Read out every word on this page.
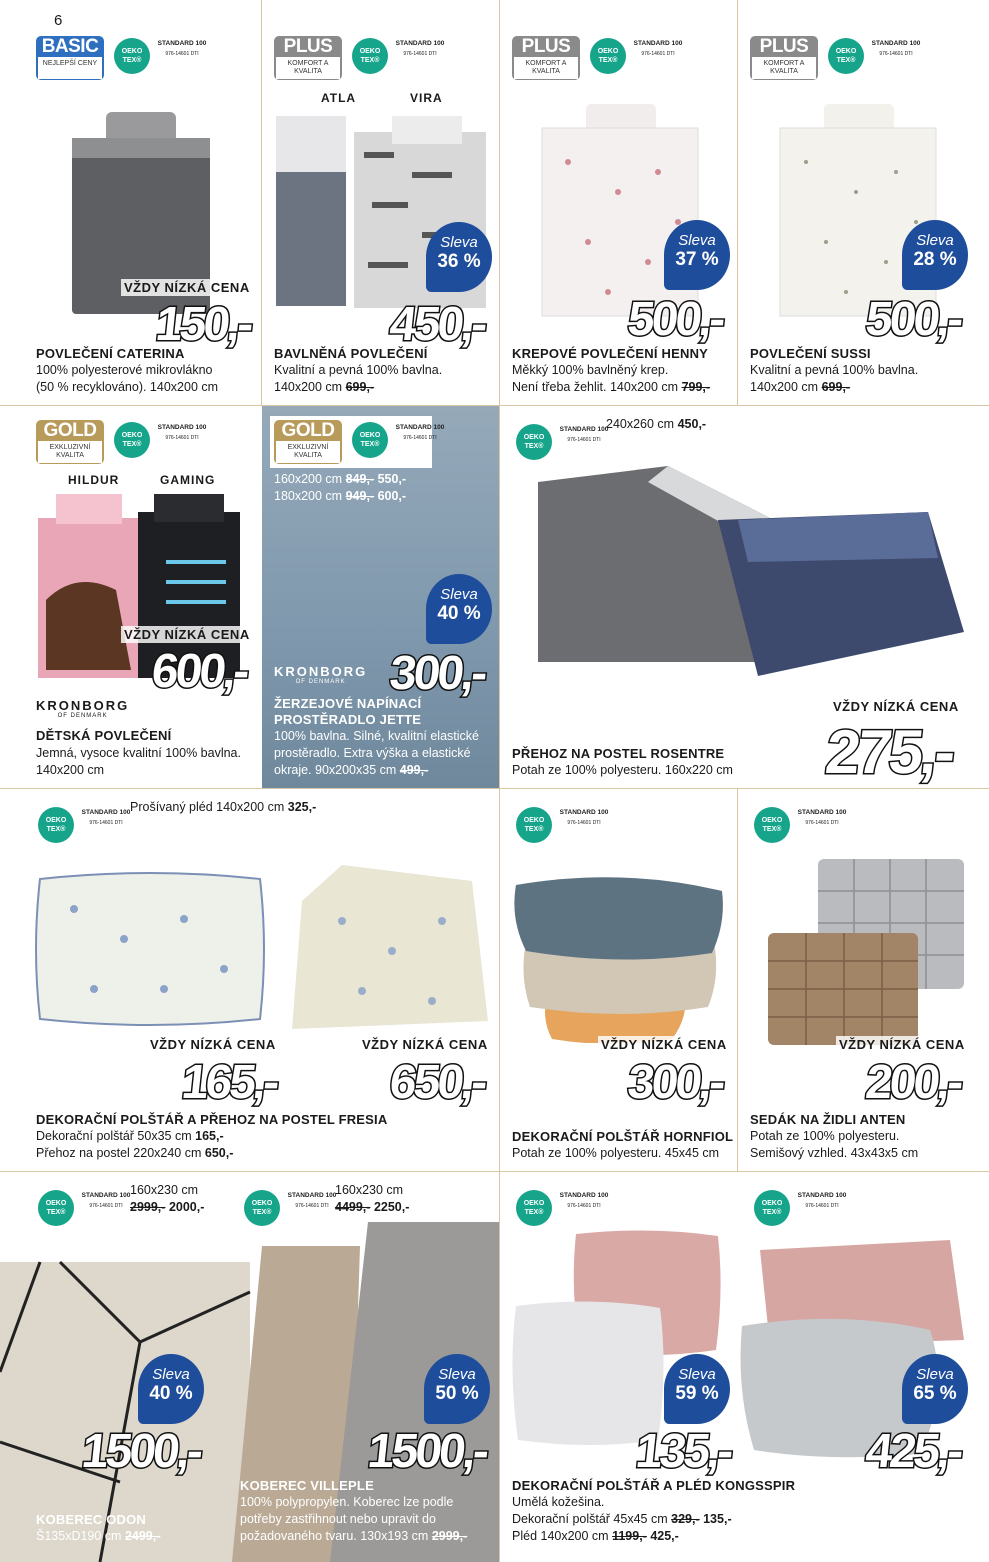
6
BASIC
NEJLEPŠÍ CENY
OEKO TEX®
STANDARD 100
976-14601 DTI
VŽDY NÍZKÁ CENA
150,-
POVLEČENÍ CATERINA
100% polyesterové mikrovlákno
(50 % recyklováno). 140x200 cm
PLUS
KOMFORT A KVALITA
OEKO TEX®
STANDARD 100
976-14601 DTI
ATLA	VIRA
Sleva
36 %
450,-
BAVLNĚNÁ POVLEČENÍ
Kvalitní a pevná 100% bavlna.
140x200 cm 699,-
PLUS
KOMFORT A KVALITA
OEKO TEX®
STANDARD 100
976-14601 DTI
Sleva
37 %
500,-
KREPOVÉ POVLEČENÍ HENNY
Měkký 100% bavlněný krep.
Není třeba žehlit. 140x200 cm 799,-
PLUS
KOMFORT A KVALITA
OEKO TEX®
STANDARD 100
976-14601 DTI
Sleva
28 %
500,-
POVLEČENÍ SUSSI
Kvalitní a pevná 100% bavlna.
140x200 cm 699,-
GOLD
EXKLUZIVNÍ KVALITA
OEKO TEX®
STANDARD 100
976-14601 DTI
HILDUR	GAMING
VŽDY NÍZKÁ CENA
600,-
KRONBORG
OF DENMARK
DĚTSKÁ POVLEČENÍ
Jemná, vysoce kvalitní 100% bavlna.
140x200 cm
GOLD
EXKLUZIVNÍ KVALITA
OEKO TEX®
STANDARD 100
976-14601 DTI
160x200 cm 849,- 550,-
180x200 cm 949,- 600,-
Sleva
40 %
KRONBORG
OF DENMARK 300,-
ŽERZEJOVÉ NAPÍNACÍ
PROSTĚRADLO JETTE
100% bavlna. Silné, kvalitní elastické
prostěradlo. Extra výška a elastické
okraje. 90x200x35 cm 499,-
OEKO TEX®
STANDARD 100
976-14601 DTI
240x260 cm 450,-
VŽDY NÍZKÁ CENA
275,-
PŘEHOZ NA POSTEL ROSENTRE
Potah ze 100% polyesteru. 160x220 cm
OEKO TEX®
STANDARD 100
976-14601 DTI
Prošívaný pléd 140x200 cm 325,-
VŽDY NÍZKÁ CENA
165,-
VŽDY NÍZKÁ CENA
650,-
DEKORAČNÍ POLŠTÁŘ A PŘEHOZ NA POSTEL FRESIA
Dekorační polštář 50x35 cm 165,-
Přehoz na postel 220x240 cm 650,-
OEKO TEX®
STANDARD 100
976-14601 DTI
VŽDY NÍZKÁ CENA
300,-
DEKORAČNÍ POLŠTÁŘ HORNFIOL
Potah ze 100% polyesteru. 45x45 cm
OEKO TEX®
STANDARD 100
976-14601 DTI
VŽDY NÍZKÁ CENA
200,-
SEDÁK NA ŽIDLI ANTEN
Potah ze 100% polyesteru.
Semišový vzhled. 43x43x5 cm
OEKO TEX®
STANDARD 100
976-14601 DTI
160x230 cm
2999,- 2000,-	OEKO TEX®
STANDARD 100
976-14601 DTI
160x230 cm
4499,- 2250,-
Sleva
40 %
Sleva
50 %
1500,-	1500,-
KOBEREC VILLEPLE
100% polypropylen. Koberec lze podle
potřeby zastřihnout nebo upravit do
požadovaného tvaru. 130x193 cm 2999,-
KOBEREC ODON
Š135xD190 cm 2499,-
OEKO TEX®
STANDARD 100
976-14601 DTI	OEKO TEX®
STANDARD 100
976-14601 DTI
Sleva
59 %
Sleva
65 %
135,-	425,-
DEKORAČNÍ POLŠTÁŘ A PLÉD KONGSSPIR
Umělá kožešina.
Dekorační polštář 45x45 cm 329,- 135,-
Pléd 140x200 cm 1199,- 425,-
